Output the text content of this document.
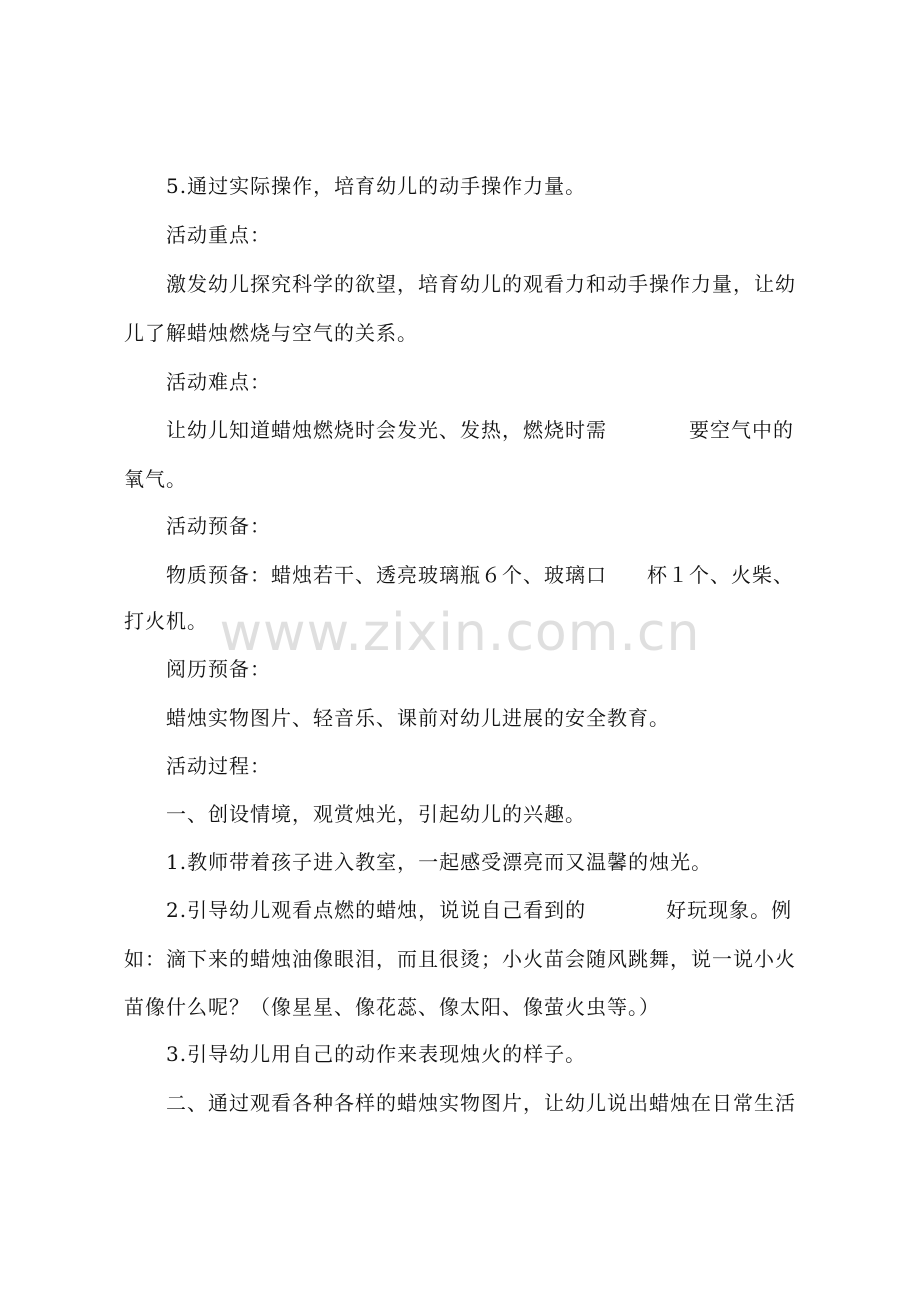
5.通过实际操作，培育幼儿的动手操作力量。
活动重点：
激发幼儿探究科学的欲望，培育幼儿的观看力和动手操作力量，让幼
儿了解蜡烛燃烧与空气的关系。
活动难点：
让幼儿知道蜡烛燃烧时会发光、发热，燃烧时需	要空气中的
氧气。
活动预备：
物质预备：蜡烛若干、透亮玻璃瓶６个、玻璃口 杯１个、火柴、
打火机。
阅历预备：
蜡烛实物图片、轻音乐、课前对幼儿进展的安全教育。
活动过程：
一、创设情境，观赏烛光，引起幼儿的兴趣。
1.教师带着孩子进入教室，一起感受漂亮而又温馨的烛光。
2.引导幼儿观看点燃的蜡烛，说说自己看到的	好玩现象。例
如：滴下来的蜡烛油像眼泪，而且很烫；小火苗会随风跳舞，说一说小火
苗像什么呢？（像星星、像花蕊、像太阳、像萤火虫等。）
3.引导幼儿用自己的动作来表现烛火的样子。
二、通过观看各种各样的蜡烛实物图片，让幼儿说出蜡烛在日常生活
www.zixin.com.cn
